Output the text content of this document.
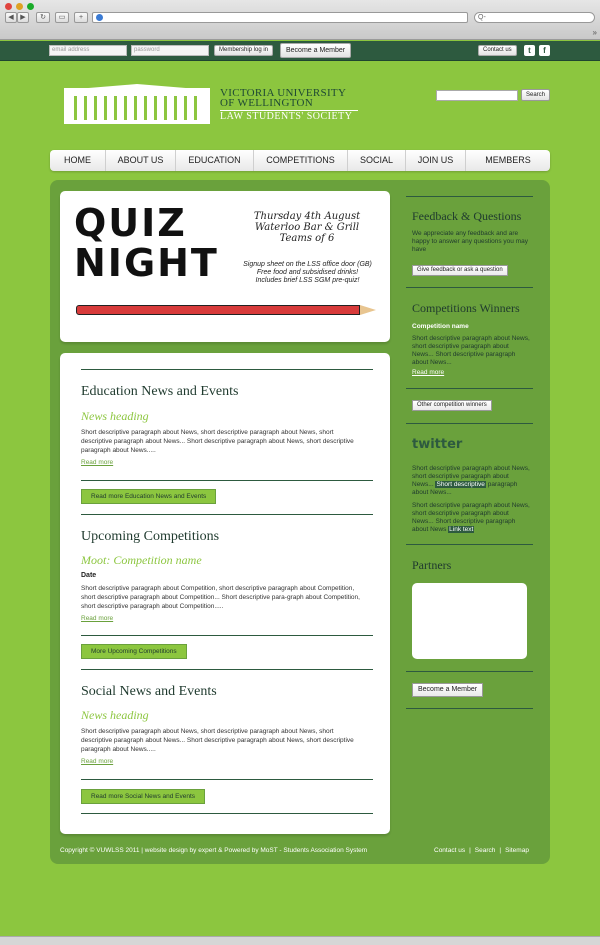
◀ ▶	↻	▭	+	Q-
»
email address	password	Membership log in	Become a Member	Contact us	t	f
VICTORIA UNIVERSITY
OF WELLINGTON
LAW STUDENTS' SOCIETY
Search
HOME	ABOUT US	EDUCATION	COMPETITIONS	SOCIAL	JOIN US	MEMBERS
QUIZ
NIGHT
Thursday 4th August
Waterloo Bar & Grill
Teams of 6
Signup sheet on the LSS office door (GB)
Free food and subsidised drinks!
Includes brief LSS SGM pre-quiz!
Education News and Events
News heading
Short descriptive paragraph about News, short descriptive paragraph about News, short descriptive paragraph about News... Short descriptive paragraph about News, short descriptive paragraph about News.....
Read more
Read more Education News and Events
Upcoming Competitions
Moot: Competition name
Date
Short descriptive paragraph about Competition, short descriptive paragraph about Competition, short descriptive paragraph about Competition... Short descriptive para-graph about Competition, short descriptive paragraph about Competition.....
Read more
More Upcoming Competitions
Social News and Events
News heading
Short descriptive paragraph about News, short descriptive paragraph about News, short descriptive paragraph about News... Short descriptive paragraph about News, short descriptive paragraph about News.....
Read more
Read more Social News and Events
Feedback & Questions
We appreciate any feedback and are happy to answer any questions you may have
Give feedback or ask a question
Competitions Winners
Competition name
Short descriptive paragraph about News, short descriptive paragraph about News... Short descriptive paragraph about News...
Read more
Other competition winners
twitter
Short descriptive paragraph about News, short descriptive paragraph about News... Short descriptive paragraph about News...
Short descriptive paragraph about News, short descriptive paragraph about News... Short descriptive paragraph about News Link text
Partners
Become a Member
Copyright © VUWLSS 2011 | website design by expert & Powered by MoST - Students Association System	Contact us | Search | Sitemap
